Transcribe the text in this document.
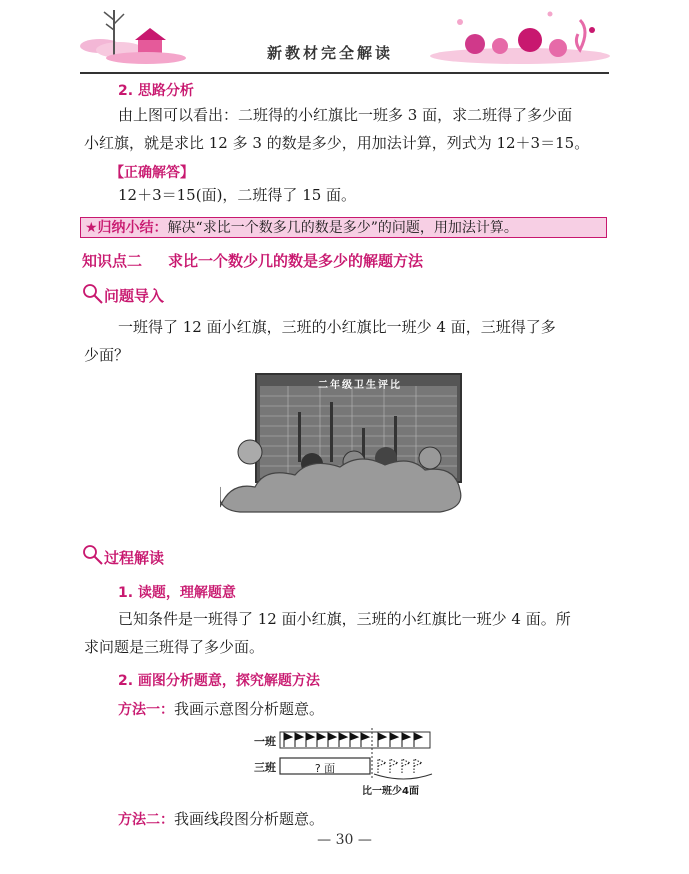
新教材完全解读
2. 思路分析
由上图可以看出：二班得的小红旗比一班多 3 面，求二班得了多少面
小红旗，就是求比 12 多 3 的数是多少，用加法计算，列式为 12＋3＝15。
【正确解答】
12＋3＝15(面)，二班得了 15 面。
★归纳小结：解决“求比一个数多几的数是多少”的问题，用加法计算。
知识点二 求比一个数少几的数是多少的解题方法
问题导入
一班得了 12 面小红旗，三班的小红旗比一班少 4 面，三班得了多
少面？
二年级卫生评比
过程解读
1. 读题，理解题意
已知条件是一班得了 12 面小红旗，三班的小红旗比一班少 4 面。所
求问题是三班得了多少面。
2. 画图分析题意，探究解题方法
方法一：我画示意图分析题意。
一班
三班	? 面
比一班少4面
方法二：我画线段图分析题意。
— 30 —
